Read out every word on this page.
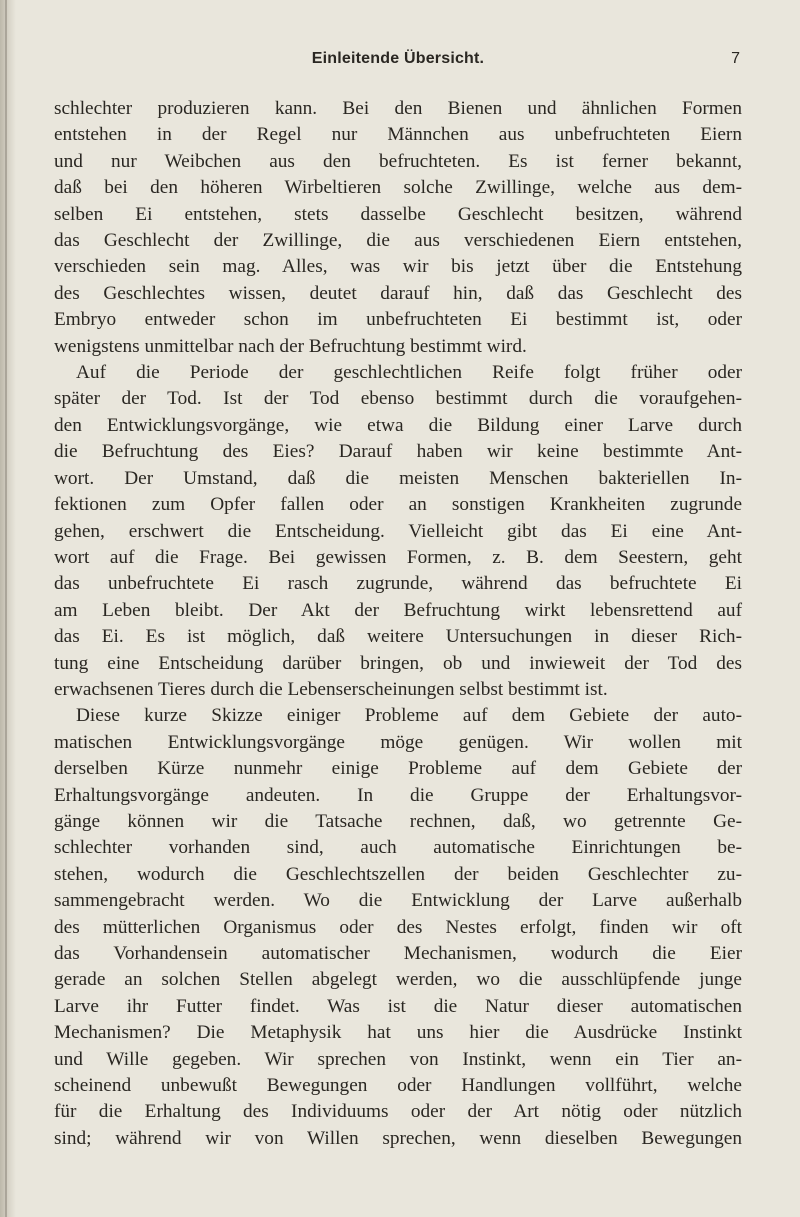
Einleitende Übersicht.	7
schlechter produzieren kann. Bei den Bienen und ähnlichen Formen
entstehen in der Regel nur Männchen aus unbefruchteten Eiern
und nur Weibchen aus den befruchteten. Es ist ferner bekannt,
daß bei den höheren Wirbeltieren solche Zwillinge, welche aus dem-
selben Ei entstehen, stets dasselbe Geschlecht besitzen, während
das Geschlecht der Zwillinge, die aus verschiedenen Eiern entstehen,
verschieden sein mag. Alles, was wir bis jetzt über die Entstehung
des Geschlechtes wissen, deutet darauf hin, daß das Geschlecht des
Embryo entweder schon im unbefruchteten Ei bestimmt ist, oder
wenigstens unmittelbar nach der Befruchtung bestimmt wird.
Auf die Periode der geschlechtlichen Reife folgt früher oder
später der Tod. Ist der Tod ebenso bestimmt durch die voraufgehen-
den Entwicklungsvorgänge, wie etwa die Bildung einer Larve durch
die Befruchtung des Eies? Darauf haben wir keine bestimmte Ant-
wort. Der Umstand, daß die meisten Menschen bakteriellen In-
fektionen zum Opfer fallen oder an sonstigen Krankheiten zugrunde
gehen, erschwert die Entscheidung. Vielleicht gibt das Ei eine Ant-
wort auf die Frage. Bei gewissen Formen, z. B. dem Seestern, geht
das unbefruchtete Ei rasch zugrunde, während das befruchtete Ei
am Leben bleibt. Der Akt der Befruchtung wirkt lebensrettend auf
das Ei. Es ist möglich, daß weitere Untersuchungen in dieser Rich-
tung eine Entscheidung darüber bringen, ob und inwieweit der Tod des
erwachsenen Tieres durch die Lebenserscheinungen selbst bestimmt ist.
Diese kurze Skizze einiger Probleme auf dem Gebiete der auto-
matischen Entwicklungsvorgänge möge genügen. Wir wollen mit
derselben Kürze nunmehr einige Probleme auf dem Gebiete der
Erhaltungsvorgänge andeuten. In die Gruppe der Erhaltungsvor-
gänge können wir die Tatsache rechnen, daß, wo getrennte Ge-
schlechter vorhanden sind, auch automatische Einrichtungen be-
stehen, wodurch die Geschlechtszellen der beiden Geschlechter zu-
sammengebracht werden. Wo die Entwicklung der Larve außerhalb
des mütterlichen Organismus oder des Nestes erfolgt, finden wir oft
das Vorhandensein automatischer Mechanismen, wodurch die Eier
gerade an solchen Stellen abgelegt werden, wo die ausschlüpfende junge
Larve ihr Futter findet. Was ist die Natur dieser automatischen
Mechanismen? Die Metaphysik hat uns hier die Ausdrücke Instinkt
und Wille gegeben. Wir sprechen von Instinkt, wenn ein Tier an-
scheinend unbewußt Bewegungen oder Handlungen vollführt, welche
für die Erhaltung des Individuums oder der Art nötig oder nützlich
sind; während wir von Willen sprechen, wenn dieselben Bewegungen
